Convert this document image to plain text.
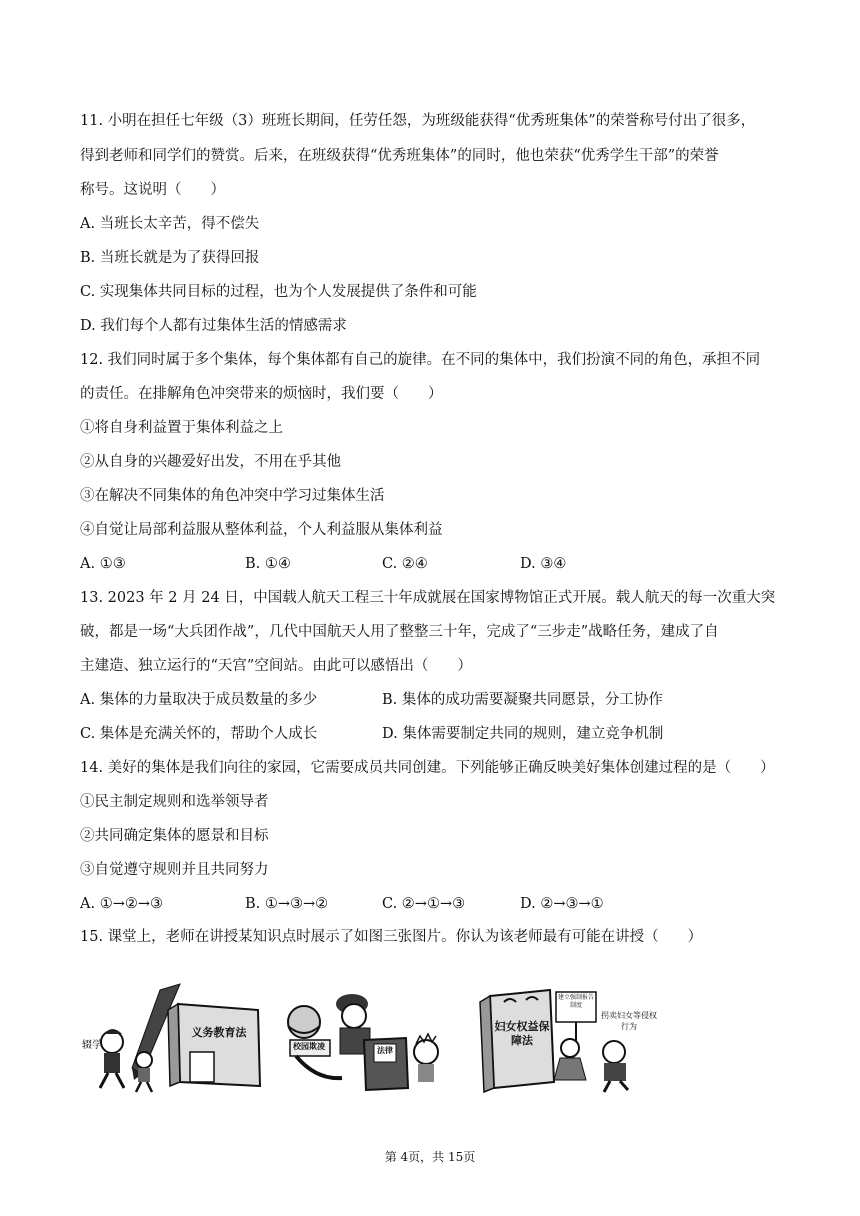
11. 小明在担任七年级（3）班班长期间，任劳任怨，为班级能获得“优秀班集体”的荣誉称号付出了很多，
得到老师和同学们的赞赏。后来，在班级获得“优秀班集体”的同时，他也荣获“优秀学生干部”的荣誉
称号。这说明（　　）
A. 当班长太辛苦，得不偿失
B. 当班长就是为了获得回报
C. 实现集体共同目标的过程，也为个人发展提供了条件和可能
D. 我们每个人都有过集体生活的情感需求
12. 我们同时属于多个集体，每个集体都有自己的旋律。在不同的集体中，我们扮演不同的角色，承担不同
的责任。在排解角色冲突带来的烦恼时，我们要（　　）
①将自身利益置于集体利益之上
②从自身的兴趣爱好出发，不用在乎其他
③在解决不同集体的角色冲突中学习过集体生活
④自觉让局部利益服从整体利益，个人利益服从集体利益
A. ①③	B. ①④	C. ②④	D. ③④
13. 2023 年 2 月 24 日，中国载人航天工程三十年成就展在国家博物馆正式开展。载人航天的每一次重大突
破，都是一场“大兵团作战”，几代中国航天人用了整整三十年，完成了“三步走”战略任务，建成了自
主建造、独立运行的“天宫”空间站。由此可以感悟出（　　）
A. 集体的力量取决于成员数量的多少	B. 集体的成功需要凝聚共同愿景，分工协作
C. 集体是充满关怀的，帮助个人成长	D. 集体需要制定共同的规则，建立竞争机制
14. 美好的集体是我们向往的家园，它需要成员共同创建。下列能够正确反映美好集体创建过程的是（　　）
①民主制定规则和选举领导者
②共同确定集体的愿景和目标
③自觉遵守规则并且共同努力
A. ①→②→③	B. ①→③→②	C. ②→①→③	D. ②→③→①
15. 课堂上，老师在讲授某知识点时展示了如图三张图片。你认为该老师最有可能在讲授（　　）
辍学
义务教育法
校园欺凌	法律
妇女权益保障法
建立强制报告制度
拐卖妇女等侵权行为
第 4页，共 15页
